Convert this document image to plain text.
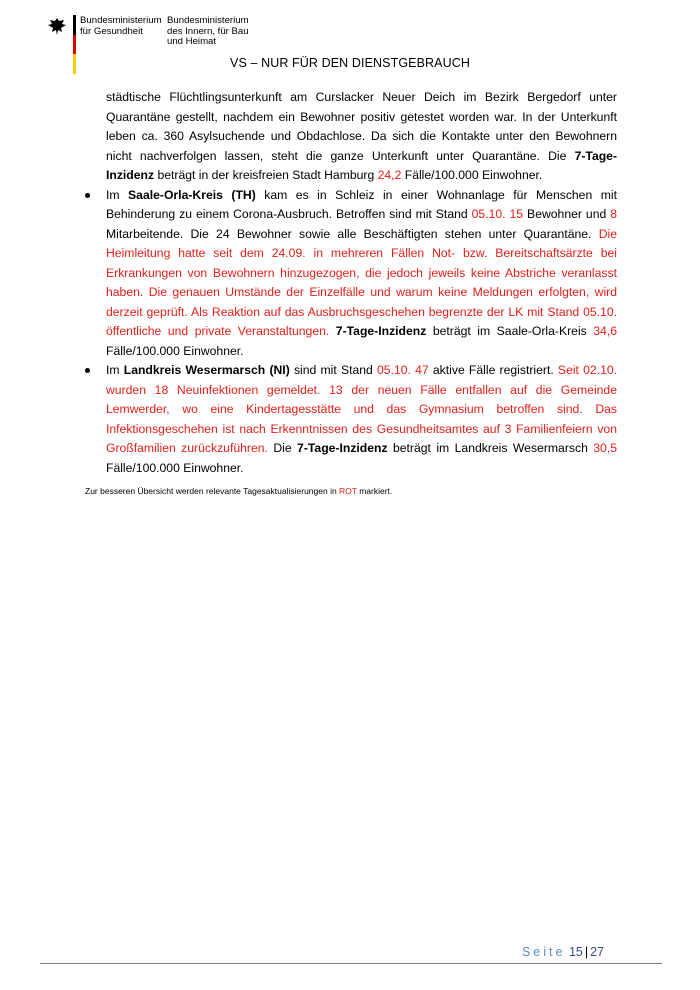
Bundesministerium
für Gesundheit
Bundesministerium
des Innern, für Bau
und Heimat
VS – NUR FÜR DEN DIENSTGEBRAUCH

städtische Flüchtlingsunterkunft am Curslacker Neuer Deich im Bezirk Bergedorf unter Quarantäne gestellt, nachdem ein Bewohner positiv getestet worden war. In der Unterkunft leben ca. 360 Asylsuchende und Obdachlose. Da sich die Kontakte unter den Bewohnern nicht nachverfolgen lassen, steht die ganze Unterkunft unter Quarantäne. Die 7-Tage-Inzidenz beträgt in der kreisfreien Stadt Hamburg 24,2 Fälle/100.000 Einwohner.

Im Saale-Orla-Kreis (TH) kam es in Schleiz in einer Wohnanlage für Menschen mit Behinderung zu einem Corona-Ausbruch. Betroffen sind mit Stand 05.10. 15 Bewohner und 8 Mitarbeitende. Die 24 Bewohner sowie alle Beschäftigten stehen unter Quarantäne. Die Heimleitung hatte seit dem 24.09. in mehreren Fällen Not- bzw. Bereitschaftsärzte bei Erkrankungen von Bewohnern hinzugezogen, die jedoch jeweils keine Abstriche veranlasst haben. Die genauen Umstände der Einzelfälle und warum keine Meldungen erfolgten, wird derzeit geprüft. Als Reaktion auf das Ausbruchsgeschehen begrenzte der LK mit Stand 05.10. öffentliche und private Veranstaltungen. 7-Tage-Inzidenz beträgt im Saale-Orla-Kreis 34,6 Fälle/100.000 Einwohner.
Im Landkreis Wesermarsch (NI) sind mit Stand 05.10. 47 aktive Fälle registriert. Seit 02.10. wurden 18 Neuinfektionen gemeldet. 13 der neuen Fälle entfallen auf die Gemeinde Lemwerder, wo eine Kindertagesstätte und das Gymnasium betroffen sind. Das Infektionsgeschehen ist nach Erkenntnissen des Gesundheitsamtes auf 3 Familienfeiern von Großfamilien zurückzuführen. Die 7-Tage-Inzidenz beträgt im Landkreis Wesermarsch 30,5 Fälle/100.000 Einwohner.
Zur besseren Übersicht werden relevante Tagesaktualisierungen in ROT markiert.
Seite 15 | 27
